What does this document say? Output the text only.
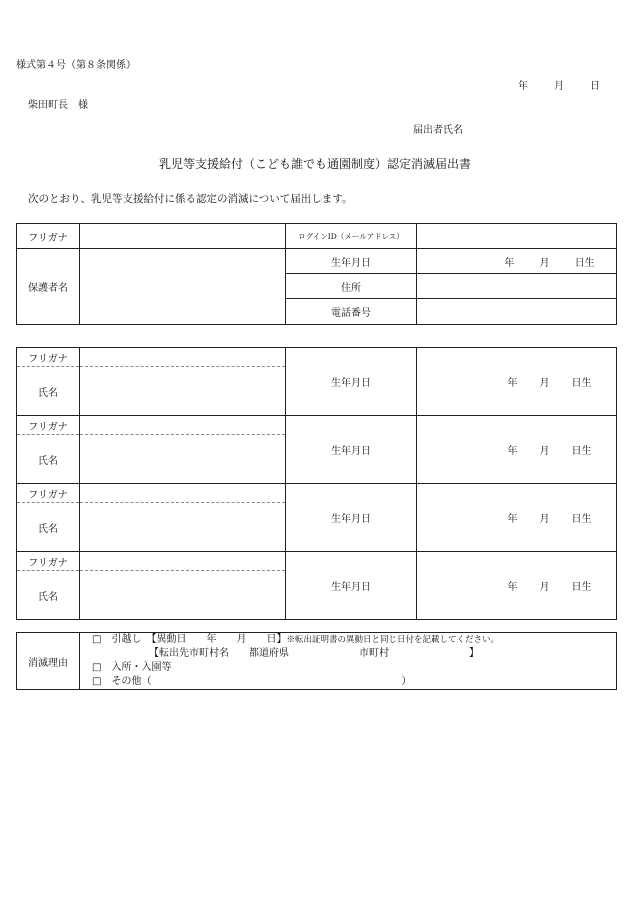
様式第４号（第８条関係）
年	月	日
柴田町長　様
届出者氏名
乳児等支援給付（こども誰でも通園制度）認定消滅届出書
次のとおり、乳児等支援給付に係る認定の消滅について届出します。
フリガナ		ログインID（メールアドレス）	
保護者名		生年月日	年 月 日生
		住所	
		電話番号	
フリガナ		生年月日	年 月 日生
氏名			
フリガナ		生年月日	年 月 日生
氏名			
フリガナ		生年月日	年 月 日生
氏名			
フリガナ		生年月日	年 月 日生
氏名			
消滅理由	
□ 引越し　【異動日　　年　　月　　日】※転出証明書の異動日と同じ日付を記載してください。
【転出先市町村名　　都道府県　　　　　　　市町村　　　　　　　　】
□ 入所・入園等
□ その他（　　　　　　　　　　　　　　　　　　　　　　　　　）
